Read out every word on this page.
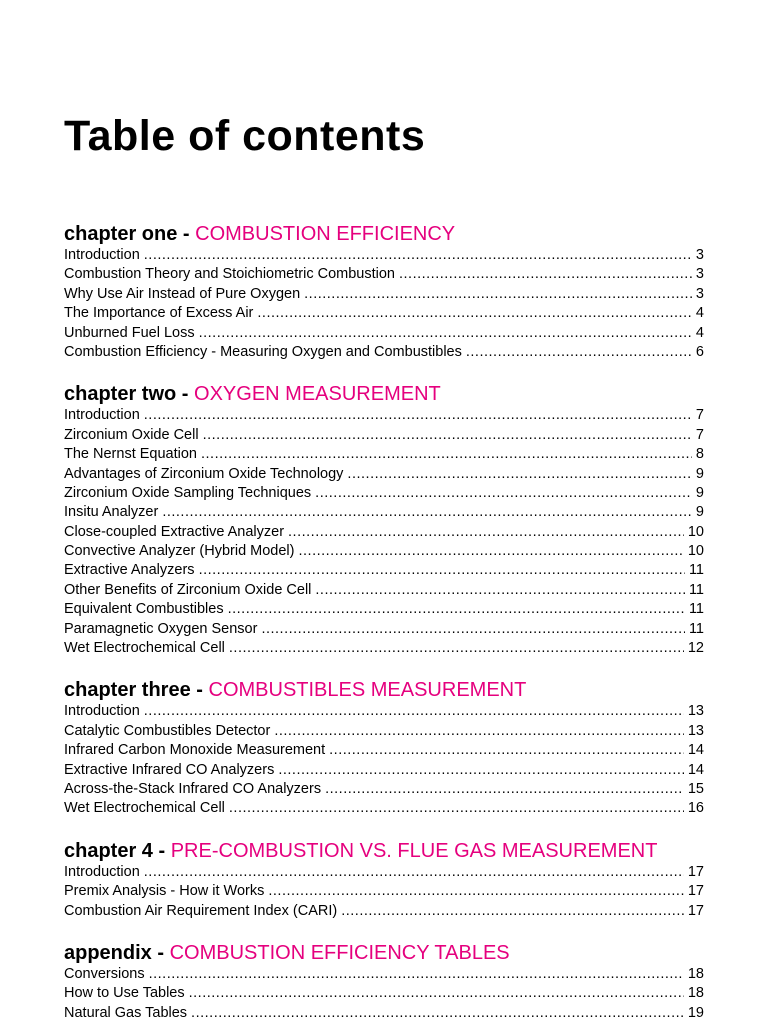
Table of contents
chapter one - COMBUSTION EFFICIENCY
Introduction .....	3
Combustion Theory and Stoichiometric Combustion .....	3
Why Use Air Instead of Pure Oxygen .....	3
The Importance of Excess Air .....	4
Unburned Fuel Loss .....	4
Combustion Efficiency - Measuring Oxygen and Combustibles .....	6
chapter two - OXYGEN MEASUREMENT
Introduction .....	7
Zirconium Oxide Cell .....	7
The Nernst Equation .....	8
Advantages of Zirconium Oxide Technology .....	9
Zirconium Oxide Sampling Techniques .....	9
Insitu Analyzer .....	9
Close-coupled Extractive Analyzer .....	10
Convective Analyzer (Hybrid Model) .....	10
Extractive Analyzers .....	11
Other Benefits of Zirconium Oxide Cell .....	11
Equivalent Combustibles .....	11
Paramagnetic Oxygen Sensor .....	11
Wet Electrochemical Cell .....	12
chapter three - COMBUSTIBLES MEASUREMENT
Introduction .....	13
Catalytic Combustibles Detector .....	13
Infrared Carbon Monoxide Measurement .....	14
Extractive Infrared CO Analyzers .....	14
Across-the-Stack Infrared CO Analyzers .....	15
Wet Electrochemical Cell .....	16
chapter 4 - PRE-COMBUSTION VS. FLUE GAS MEASUREMENT
Introduction .....	17
Premix Analysis - How it Works .....	17
Combustion Air Requirement Index (CARI) .....	17
appendix - COMBUSTION EFFICIENCY TABLES
Conversions .....	18
How to Use Tables .....	18
Natural Gas Tables .....	19
